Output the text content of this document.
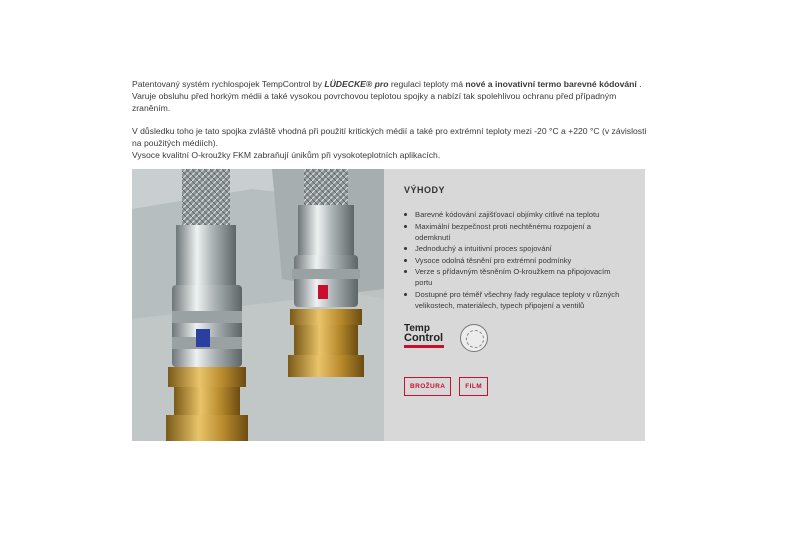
Patentovaný systém rychlospojek TempControl by LÜDECKE® pro regulaci teploty má nové a inovativní termo barevné kódování . Varuje obsluhu před horkým médii a také vysokou povrchovou teplotou spojky a nabízí tak spolehlivou ochranu před případným zraněním.

V důsledku toho je tato spojka zvláště vhodná při použití kritických médií a také pro extrémní teploty mezi -20 °C a +220 °C (v závislosti na použitých médiích).

Vysoce kvalitní O-kroužky FKM zabraňují únikům při vysokoteplotních aplikacích.

VÝHODY
Barevné kódování zajišťovací objímky citlivé na teplotu
Maximální bezpečnost proti nechtěnému rozpojení a odemknutí
Jednoduchý a intuitivní proces spojování
Vysoce odolná těsnění pro extrémní podmínky
Verze s přídavným těsněním O-kroužkem na připojovacím portu
Dostupné pro téměř všechny řady regulace teploty v různých velikostech, materiálech, typech připojení a ventilů
Temp
Control
BROŽURA	FILM
